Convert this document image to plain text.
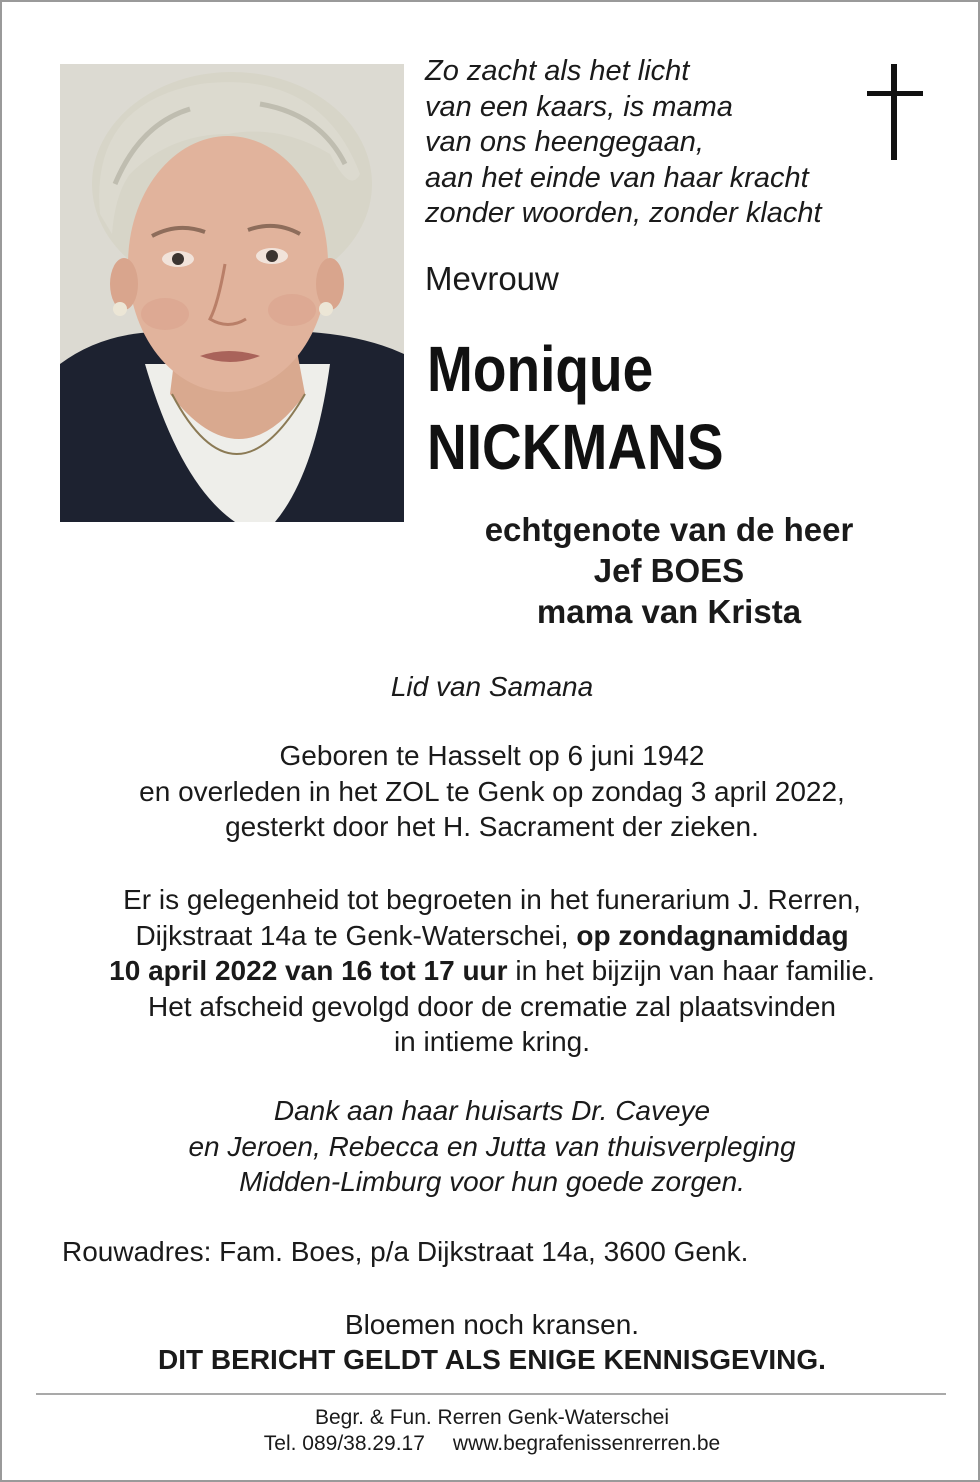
Zo zacht als het licht
van een kaars, is mama
van ons heengegaan,
aan het einde van haar kracht
zonder woorden, zonder klacht
Mevrouw
Monique
NICKMANS
echtgenote van de heer
Jef BOES
mama van Krista
Lid van Samana
Geboren te Hasselt op 6 juni 1942
en overleden in het ZOL te Genk op zondag 3 april 2022,
gesterkt door het H. Sacrament der zieken.
Er is gelegenheid tot begroeten in het funerarium J. Rerren,
Dijkstraat 14a te Genk-Waterschei, op zondagnamiddag
10 april 2022 van 16 tot 17 uur in het bijzijn van haar familie.
Het afscheid gevolgd door de crematie zal plaatsvinden
in intieme kring.
Dank aan haar huisarts Dr. Caveye
en Jeroen, Rebecca en Jutta van thuisverpleging
Midden-Limburg voor hun goede zorgen.
Rouwadres: Fam. Boes, p/a Dijkstraat 14a, 3600 Genk.
Bloemen noch kransen.
DIT BERICHT GELDT ALS ENIGE KENNISGEVING.
Begr. & Fun. Rerren Genk-Waterschei
Tel. 089/38.29.17 www.begrafenissenrerren.be
